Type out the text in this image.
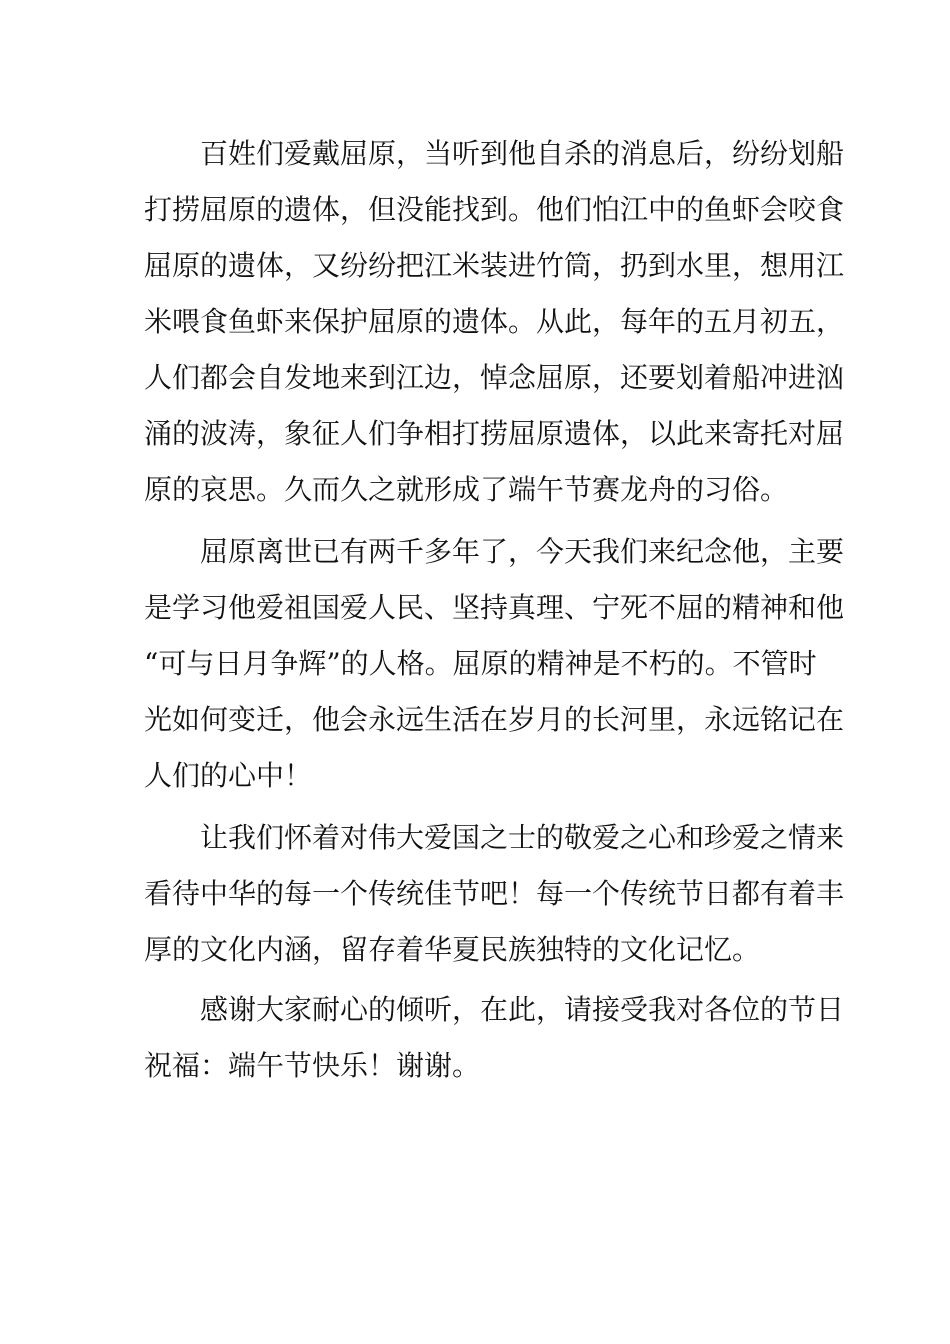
百姓们爱戴屈原，当听到他自杀的消息后，纷纷划船
打捞屈原的遗体，但没能找到。他们怕江中的鱼虾会咬食
屈原的遗体，又纷纷把江米装进竹筒，扔到水里，想用江
米喂食鱼虾来保护屈原的遗体。从此，每年的五月初五，
人们都会自发地来到江边，悼念屈原，还要划着船冲进汹
涌的波涛，象征人们争相打捞屈原遗体，以此来寄托对屈
原的哀思。久而久之就形成了端午节赛龙舟的习俗。
屈原离世已有两千多年了，今天我们来纪念他，主要
是学习他爱祖国爱人民、坚持真理、宁死不屈的精神和他
“可与日月争辉”的人格。屈原的精神是不朽的。不管时
光如何变迁，他会永远生活在岁月的长河里，永远铭记在
人们的心中！
让我们怀着对伟大爱国之士的敬爱之心和珍爱之情来
看待中华的每一个传统佳节吧！每一个传统节日都有着丰
厚的文化内涵，留存着华夏民族独特的文化记忆。
感谢大家耐心的倾听，在此，请接受我对各位的节日
祝福：端午节快乐！谢谢。
